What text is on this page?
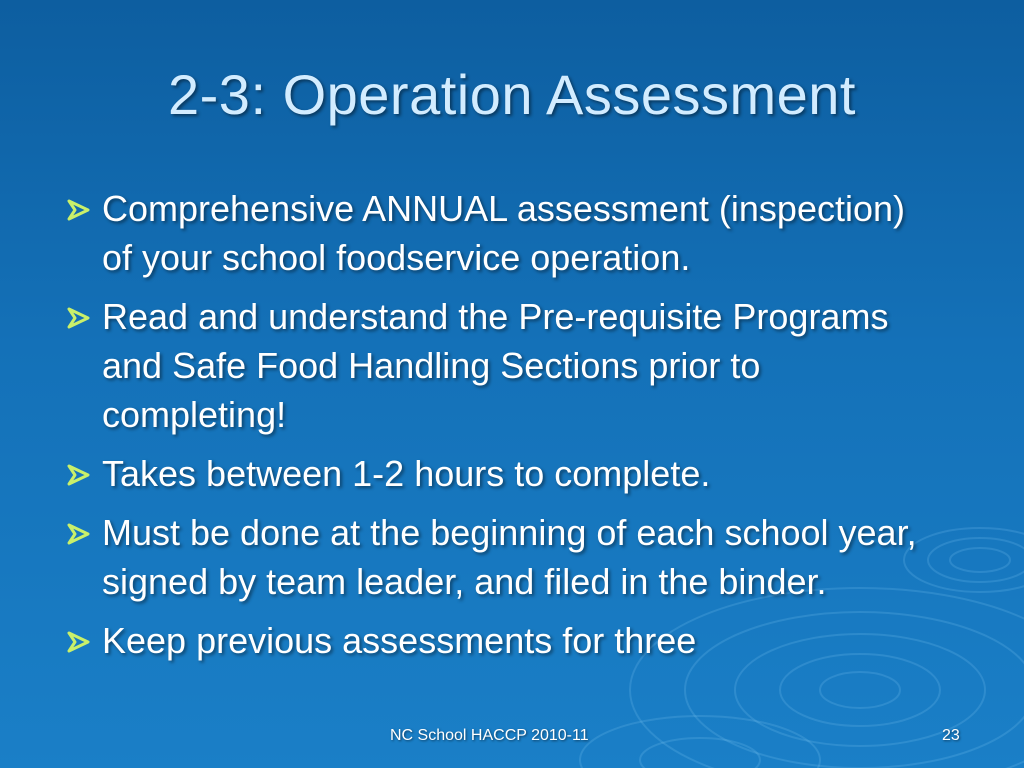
2-3: Operation Assessment
Comprehensive ANNUAL assessment (inspection) of your school foodservice operation.
Read and understand the Pre-requisite Programs and Safe Food Handling Sections prior to completing!
Takes between 1-2 hours to complete.
Must be done at the beginning of each school year, signed by team leader, and filed in the binder.
Keep previous assessments for three
NC School HACCP 2010-11	23
